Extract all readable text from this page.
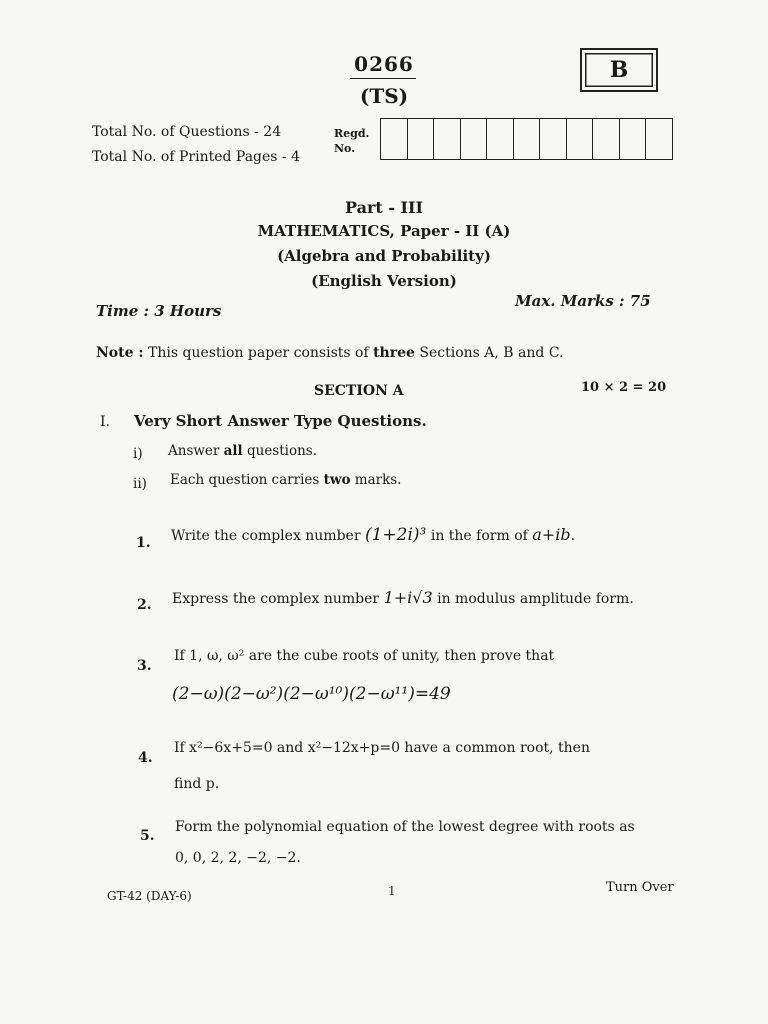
0266
(TS)
B
Total No. of Questions - 24
Total No. of Printed Pages - 4
Regd.
No.
Part - III
MATHEMATICS, Paper - II (A)
(Algebra and Probability)
(English Version)
Time : 3 Hours
Max. Marks : 75
Note : This question paper consists of three Sections A, B and C.
SECTION A	10 × 2 = 20
I. Very Short Answer Type Questions.
i) Answer all questions.
ii) Each question carries two marks.
1. Write the complex number (1+2i)³ in the form of a+ib.
2. Express the complex number 1+i√3 in modulus amplitude form.
3.
If 1, ω, ω² are the cube roots of unity, then prove that
(2−ω)(2−ω²)(2−ω¹⁰)(2−ω¹¹)=49
4.
If x²−6x+5=0 and x²−12x+p=0 have a common root, then
find p.
5.
Form the polynomial equation of the lowest degree with roots as
0, 0, 2, 2, −2, −2.
GT-42 (DAY-6)	1	Turn Over
